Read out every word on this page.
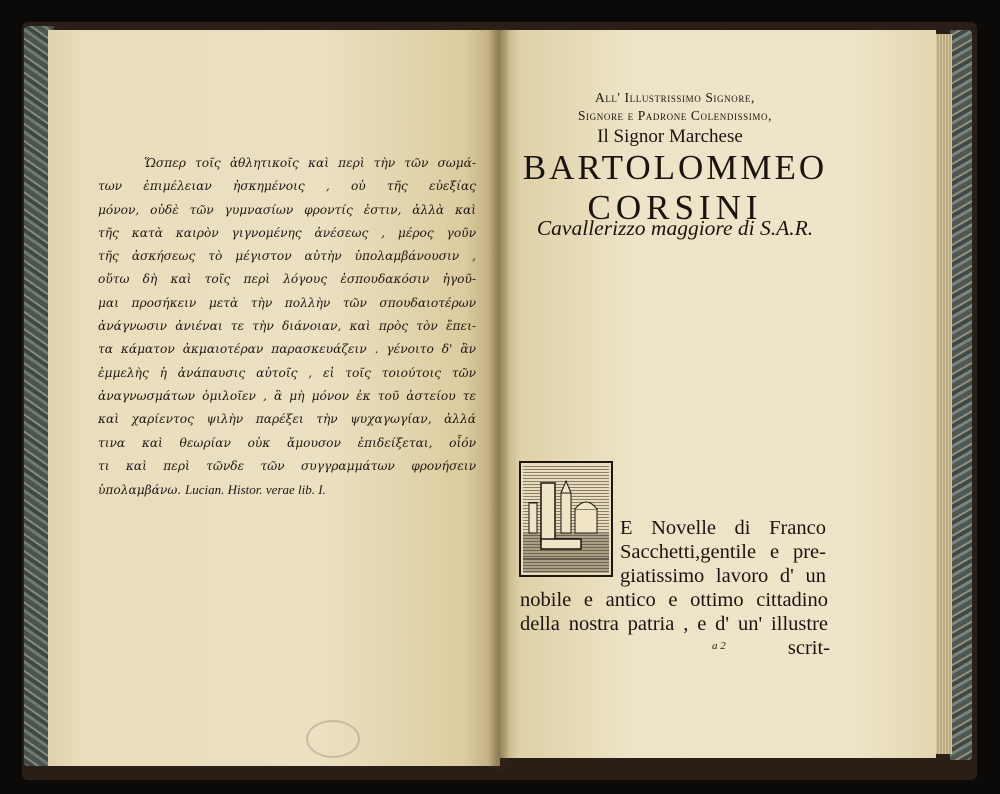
Ὥσπερ τοῖς ἀθλητικοῖς καὶ περὶ τὴν τῶν σωμά-
των ἐπιμέλειαν ἠσκημένοις , οὐ τῆς εὐεξίας
μόνον, οὐδὲ τῶν γυμνασίων φροντίς ἐστιν, ἀλλὰ καὶ
τῆς κατὰ καιρὸν γιγνομένης ἀνέσεως , μέρος γοῦν
τῆς ἀσκήσεως τὸ μέγιστον αὐτὴν ὑπολαμβάνουσιν ,
οὕτω δὴ καὶ τοῖς περὶ λόγους ἐσπουδακόσιν ἡγοῦ-
μαι προσήκειν μετὰ τὴν πολλὴν τῶν σπουδαιοτέρων
ἀνάγνωσιν ἀνιέναι τε τὴν διάνοιαν, καὶ πρὸς τὸν ἔπει-
τα κάματον ἀκμαιοτέραν παρασκευάζειν . γένοιτο δ' ἂν
ἐμμελὴς ἡ ἀνάπαυσις αὐτοῖς , εἰ τοῖς τοιούτοις τῶν
ἀναγνωσμάτων ὁμιλοῖεν , ἃ μὴ μόνον ἐκ τοῦ ἀστείου τε
καὶ χαρίεντος ψιλὴν παρέξει τὴν ψυχαγωγίαν, ἀλλά
τινα καὶ θεωρίαν οὐκ ἄμουσον ἐπιδείξεται, οἷόν
τι καὶ περὶ τῶνδε τῶν συγγραμμάτων φρονήσειν
ὑπολαμβάνω. Lucian. Histor. verae lib. I.
All' Illustrissimo Signore,
Signore e Padrone Colendissimo,
Il Signor Marchese
BARTOLOMMEO
CORSINI
Cavallerizzo maggiore di S.A.R.
E Novelle di Franco
Sacchetti,gentile e pre-
giatissimo lavoro d' un
nobile e antico e ottimo cittadino
della nostra patria , e d' un' illustre
scrit-
a 2
